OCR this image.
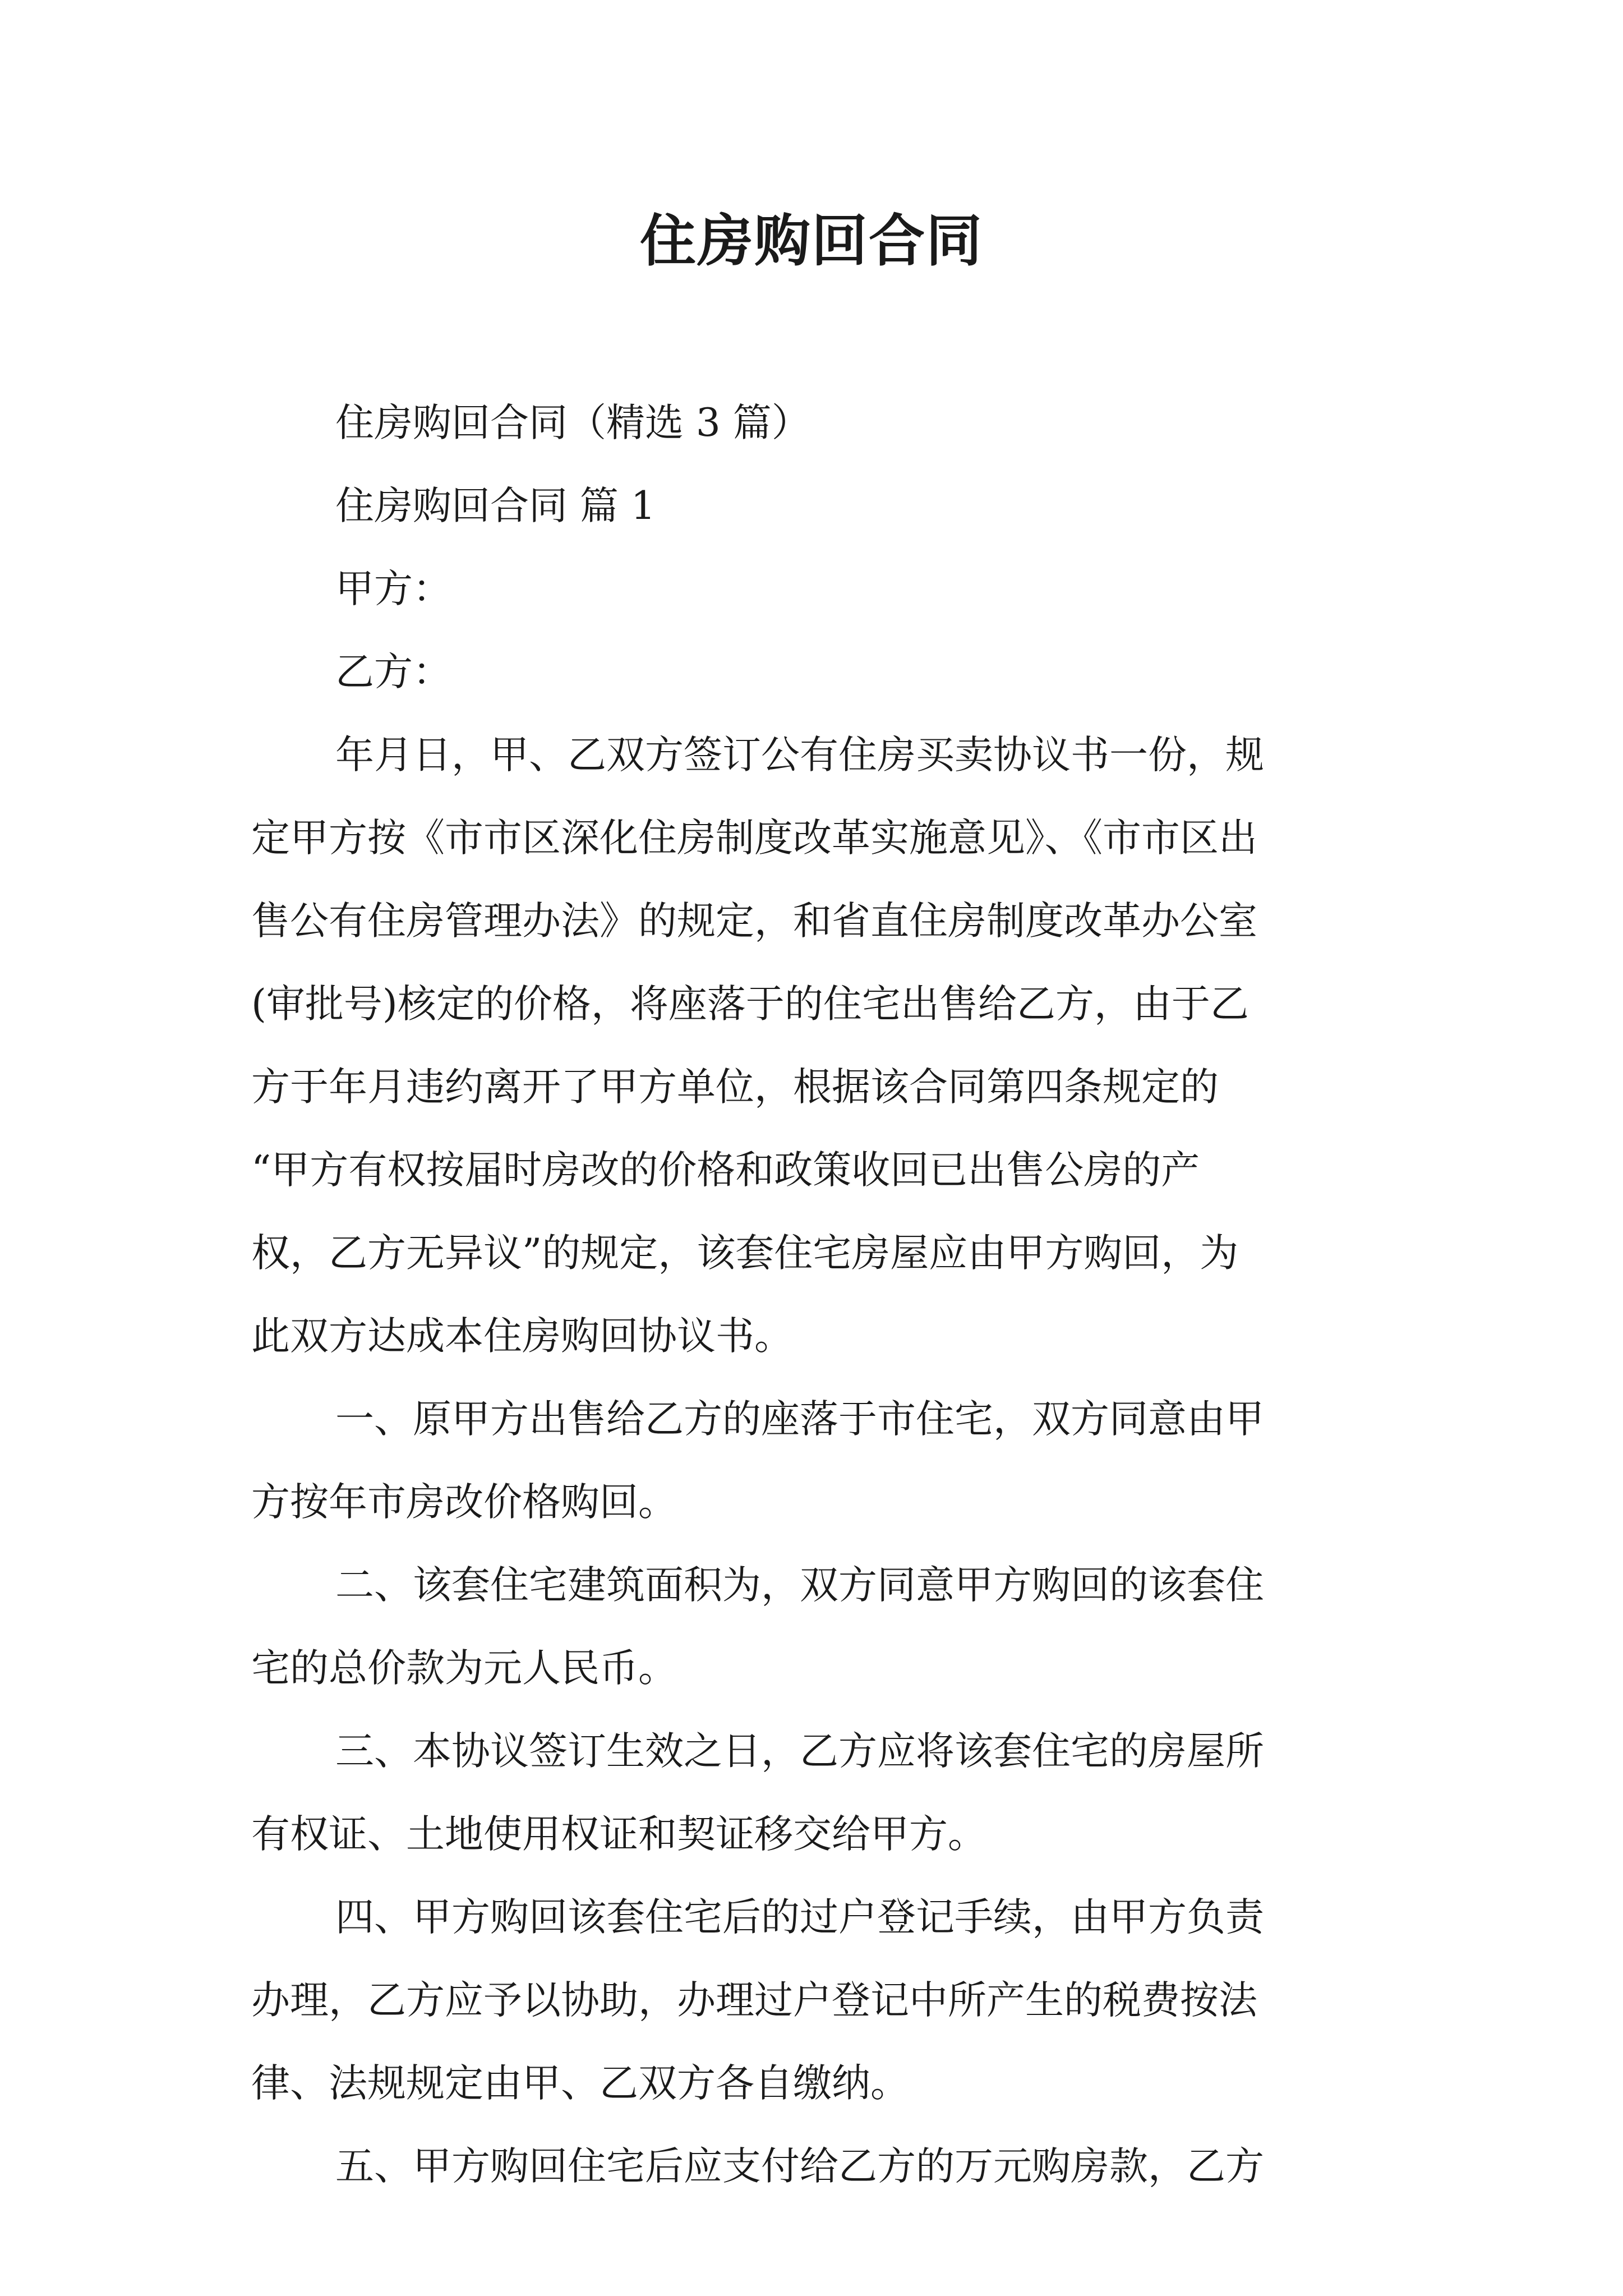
住房购回合同

住房购回合同（精选 3 篇）

住房购回合同 篇 1

甲方：

乙方：

年月日，甲、乙双方签订公有住房买卖协议书一份，规

定甲方按《市市区深化住房制度改革实施意见》、《市市区出

售公有住房管理办法》的规定，和省直住房制度改革办公室

(审批号)核定的价格，将座落于的住宅出售给乙方，由于乙

方于年月违约离开了甲方单位，根据该合同第四条规定的

“甲方有权按届时房改的价格和政策收回已出售公房的产

权，乙方无异议”的规定，该套住宅房屋应由甲方购回，为

此双方达成本住房购回协议书。

一、原甲方出售给乙方的座落于市住宅，双方同意由甲

方按年市房改价格购回。

二、该套住宅建筑面积为，双方同意甲方购回的该套住

宅的总价款为元人民币。

三、本协议签订生效之日，乙方应将该套住宅的房屋所

有权证、土地使用权证和契证移交给甲方。

四、甲方购回该套住宅后的过户登记手续，由甲方负责

办理，乙方应予以协助，办理过户登记中所产生的税费按法

律、法规规定由甲、乙双方各自缴纳。

五、甲方购回住宅后应支付给乙方的万元购房款，乙方
